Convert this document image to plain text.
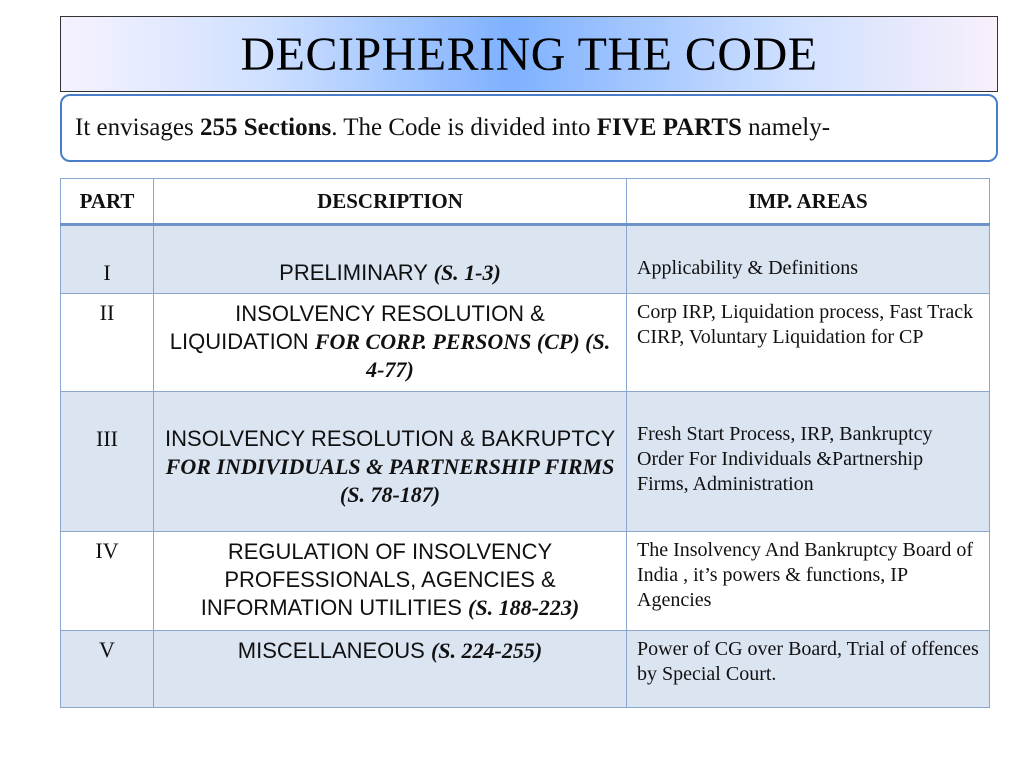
DECIPHERING THE CODE
It envisages 255 Sections. The Code is divided into FIVE PARTS namely-
PART	DESCRIPTION	IMP. AREAS
I	PRELIMINARY (S. 1-3)	Applicability & Definitions
II	INSOLVENCY RESOLUTION & LIQUIDATION FOR CORP. PERSONS (CP) (S. 4-77)	Corp IRP, Liquidation process, Fast Track CIRP, Voluntary Liquidation for CP
III	INSOLVENCY RESOLUTION & BAKRUPTCY FOR INDIVIDUALS & PARTNERSHIP FIRMS (S. 78-187)	Fresh Start Process, IRP, Bankruptcy Order For Individuals &Partnership Firms, Administration
IV	REGULATION OF INSOLVENCY PROFESSIONALS, AGENCIES & INFORMATION UTILITIES (S. 188-223)	The Insolvency And Bankruptcy Board of India , it’s powers & functions, IP Agencies
V	MISCELLANEOUS (S. 224-255)	Power of CG over Board, Trial of offences by Special Court.
